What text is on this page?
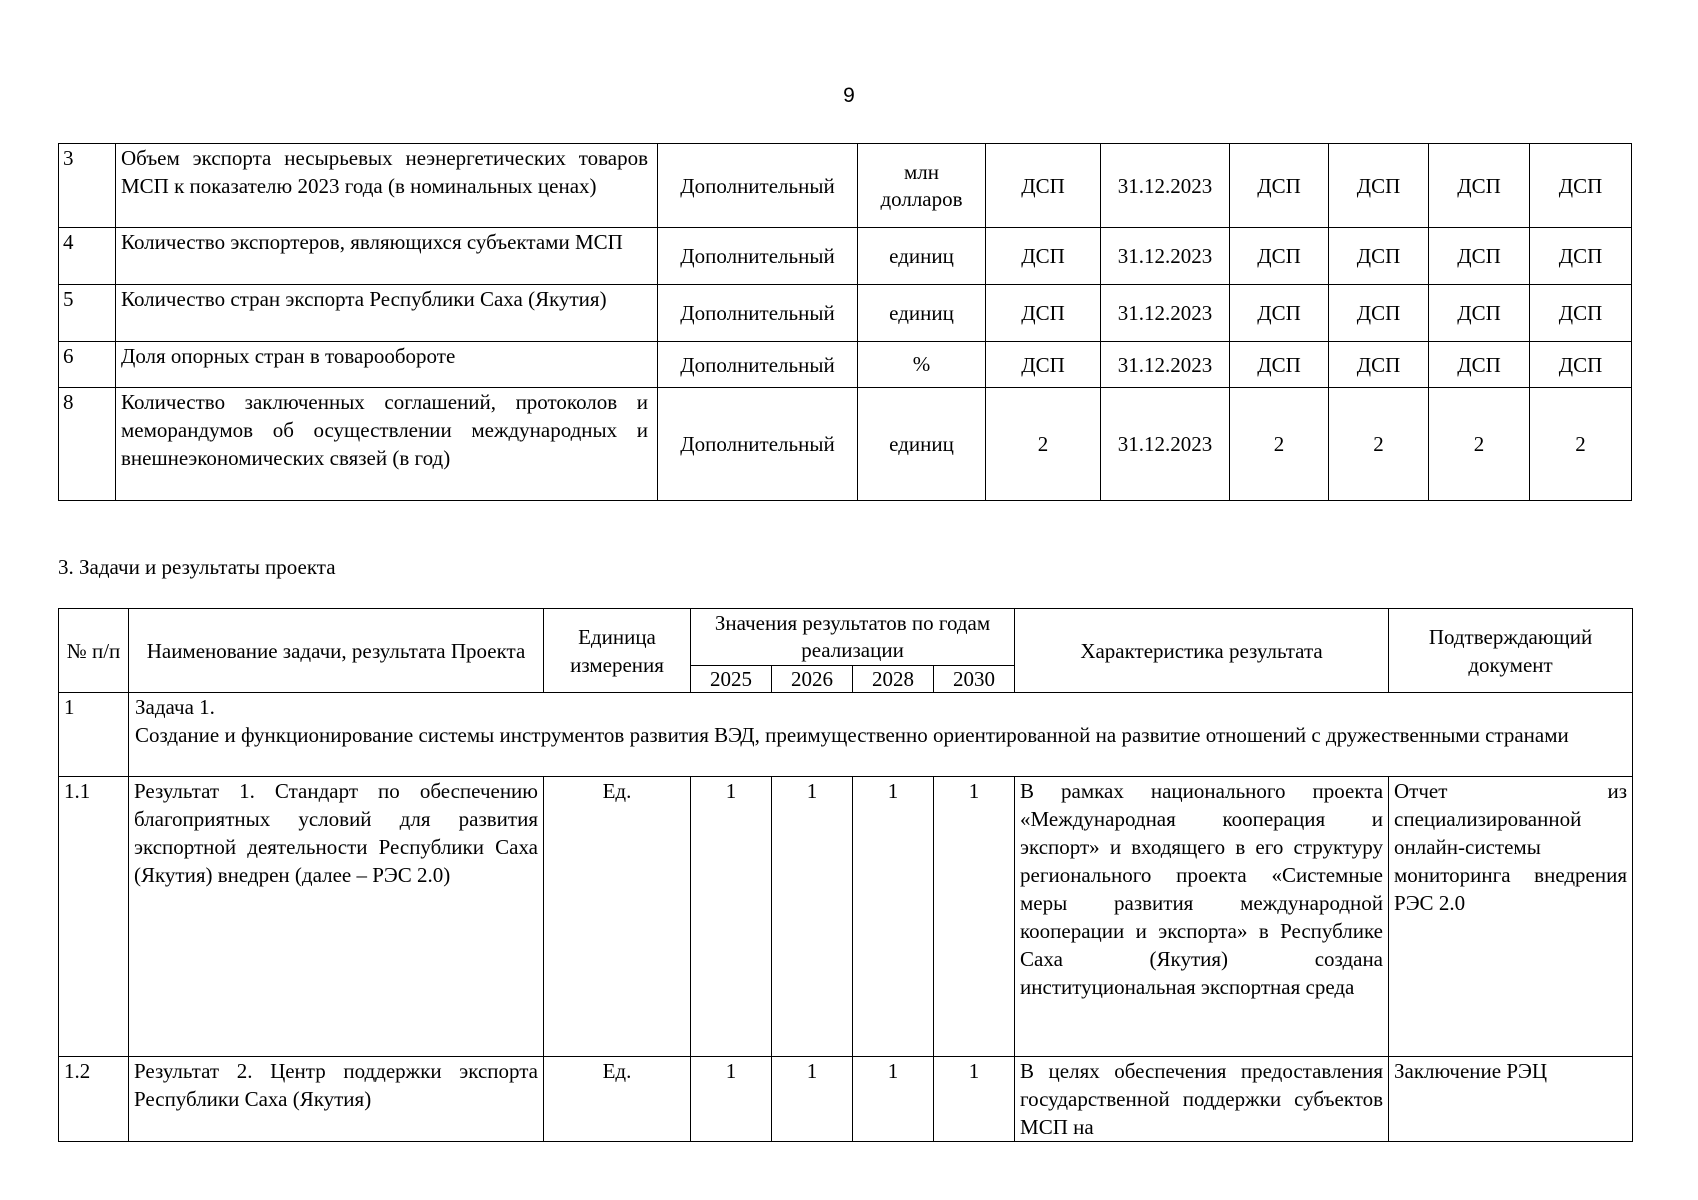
9
3	Объем экспорта несырьевых неэнергетических товаров МСП к показателю 2023 года (в номинальных ценах)	Дополнительный	млн долларов	ДСП	31.12.2023	ДСП	ДСП	ДСП	ДСП
4	Количество экспортеров, являющихся субъектами МСП	Дополнительный	единиц	ДСП	31.12.2023	ДСП	ДСП	ДСП	ДСП
5	Количество стран экспорта Республики Саха (Якутия)	Дополнительный	единиц	ДСП	31.12.2023	ДСП	ДСП	ДСП	ДСП
6	Доля опорных стран в товарообороте	Дополнительный	%	ДСП	31.12.2023	ДСП	ДСП	ДСП	ДСП
8	Количество заключенных соглашений, протоколов и меморандумов об осуществлении международных и внешнеэкономических связей (в год)	Дополнительный	единиц	2	31.12.2023	2	2	2	2
3. Задачи и результаты проекта
№ п/п	Наименование задачи, результата Проекта	Единица измерения	Значения результатов по годам реализации				Характеристика результата	Подтверждающий документ
			2025	2026	2028	2030		
1	Задача 1.
Создание и функционирование системы инструментов развития ВЭД, преимущественно ориентированной на развитие отношений с дружественными странами							

1.1	Результат 1. Стандарт по обеспечению благоприятных условий для развития экспортной деятельности Республики Саха (Якутия) внедрен (далее – РЭС 2.0)	Ед.	1	1	1	1	В рамках национального проекта «Международная кооперация и экспорт» и входящего в его структуру регионального проекта «Системные меры развития международной кооперации и экспорта» в Республике Саха (Якутия) создана институциональная экспортная среда	Отчет из специализированной онлайн-системы мониторинга внедрения РЭС 2.0
1.2	Результат 2. Центр поддержки экспорта Республики Саха (Якутия)	Ед.	1	1	1	1	В целях обеспечения предоставления государственной поддержки субъектов МСП на	Заключение РЭЦ
